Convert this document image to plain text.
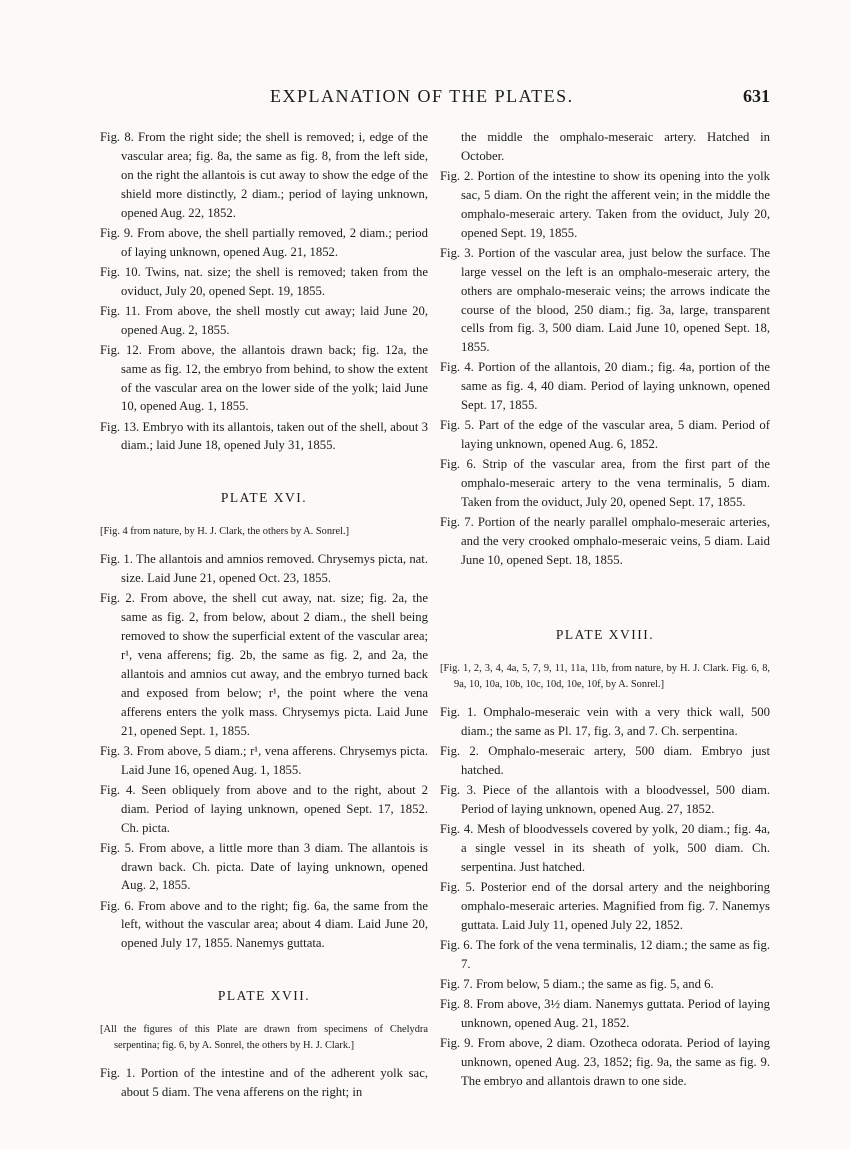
EXPLANATION OF THE PLATES.	631

Fig. 8. From the right side; the shell is removed; i, edge of the vascular area; fig. 8a, the same as fig. 8, from the left side, on the right the allantois is cut away to show the edge of the shield more distinctly, 2 diam.; period of laying unknown, opened Aug. 22, 1852.

Fig. 9. From above, the shell partially removed, 2 diam.; period of laying unknown, opened Aug. 21, 1852.

Fig. 10. Twins, nat. size; the shell is removed; taken from the oviduct, July 20, opened Sept. 19, 1855.

Fig. 11. From above, the shell mostly cut away; laid June 20, opened Aug. 2, 1855.

Fig. 12. From above, the allantois drawn back; fig. 12a, the same as fig. 12, the embryo from behind, to show the extent of the vascular area on the lower side of the yolk; laid June 10, opened Aug. 1, 1855.

Fig. 13. Embryo with its allantois, taken out of the shell, about 3 diam.; laid June 18, opened July 31, 1855.

PLATE XVI.

[Fig. 4 from nature, by H. J. Clark, the others by A. Sonrel.]

Fig. 1. The allantois and amnios removed. Chrysemys picta, nat. size. Laid June 21, opened Oct. 23, 1855.

Fig. 2. From above, the shell cut away, nat. size; fig. 2a, the same as fig. 2, from below, about 2 diam., the shell being removed to show the superficial extent of the vascular area; r¹, vena afferens; fig. 2b, the same as fig. 2, and 2a, the allantois and amnios cut away, and the embryo turned back and exposed from below; r¹, the point where the vena afferens enters the yolk mass. Chrysemys picta. Laid June 21, opened Sept. 1, 1855.

Fig. 3. From above, 5 diam.; r¹, vena afferens. Chrysemys picta. Laid June 16, opened Aug. 1, 1855.

Fig. 4. Seen obliquely from above and to the right, about 2 diam. Period of laying unknown, opened Sept. 17, 1852. Ch. picta.

Fig. 5. From above, a little more than 3 diam. The allantois is drawn back. Ch. picta. Date of laying unknown, opened Aug. 2, 1855.

Fig. 6. From above and to the right; fig. 6a, the same from the left, without the vascular area; about 4 diam. Laid June 20, opened July 17, 1855. Nanemys guttata.

PLATE XVII.

[All the figures of this Plate are drawn from specimens of Chelydra serpentina; fig. 6, by A. Sonrel, the others by H. J. Clark.]

Fig. 1. Portion of the intestine and of the adherent yolk sac, about 5 diam. The vena afferens on the right; in

the middle the omphalo-meseraic artery. Hatched in October.

Fig. 2. Portion of the intestine to show its opening into the yolk sac, 5 diam. On the right the afferent vein; in the middle the omphalo-meseraic artery. Taken from the oviduct, July 20, opened Sept. 19, 1855.

Fig. 3. Portion of the vascular area, just below the surface. The large vessel on the left is an omphalo-meseraic artery, the others are omphalo-meseraic veins; the arrows indicate the course of the blood, 250 diam.; fig. 3a, large, transparent cells from fig. 3, 500 diam. Laid June 10, opened Sept. 18, 1855.

Fig. 4. Portion of the allantois, 20 diam.; fig. 4a, portion of the same as fig. 4, 40 diam. Period of laying unknown, opened Sept. 17, 1855.

Fig. 5. Part of the edge of the vascular area, 5 diam. Period of laying unknown, opened Aug. 6, 1852.

Fig. 6. Strip of the vascular area, from the first part of the omphalo-meseraic artery to the vena terminalis, 5 diam. Taken from the oviduct, July 20, opened Sept. 17, 1855.

Fig. 7. Portion of the nearly parallel omphalo-meseraic arteries, and the very crooked omphalo-meseraic veins, 5 diam. Laid June 10, opened Sept. 18, 1855.

PLATE XVIII.

[Fig. 1, 2, 3, 4, 4a, 5, 7, 9, 11, 11a, 11b, from nature, by H. J. Clark. Fig. 6, 8, 9a, 10, 10a, 10b, 10c, 10d, 10e, 10f, by A. Sonrel.]

Fig. 1. Omphalo-meseraic vein with a very thick wall, 500 diam.; the same as Pl. 17, fig. 3, and 7. Ch. serpentina.

Fig. 2. Omphalo-meseraic artery, 500 diam. Embryo just hatched.

Fig. 3. Piece of the allantois with a bloodvessel, 500 diam. Period of laying unknown, opened Aug. 27, 1852.

Fig. 4. Mesh of bloodvessels covered by yolk, 20 diam.; fig. 4a, a single vessel in its sheath of yolk, 500 diam. Ch. serpentina. Just hatched.

Fig. 5. Posterior end of the dorsal artery and the neighboring omphalo-meseraic arteries. Magnified from fig. 7. Nanemys guttata. Laid July 11, opened July 22, 1852.

Fig. 6. The fork of the vena terminalis, 12 diam.; the same as fig. 7.

Fig. 7. From below, 5 diam.; the same as fig. 5, and 6.

Fig. 8. From above, 3½ diam. Nanemys guttata. Period of laying unknown, opened Aug. 21, 1852.

Fig. 9. From above, 2 diam. Ozotheca odorata. Period of laying unknown, opened Aug. 23, 1852; fig. 9a, the same as fig. 9. The embryo and allantois drawn to one side.
